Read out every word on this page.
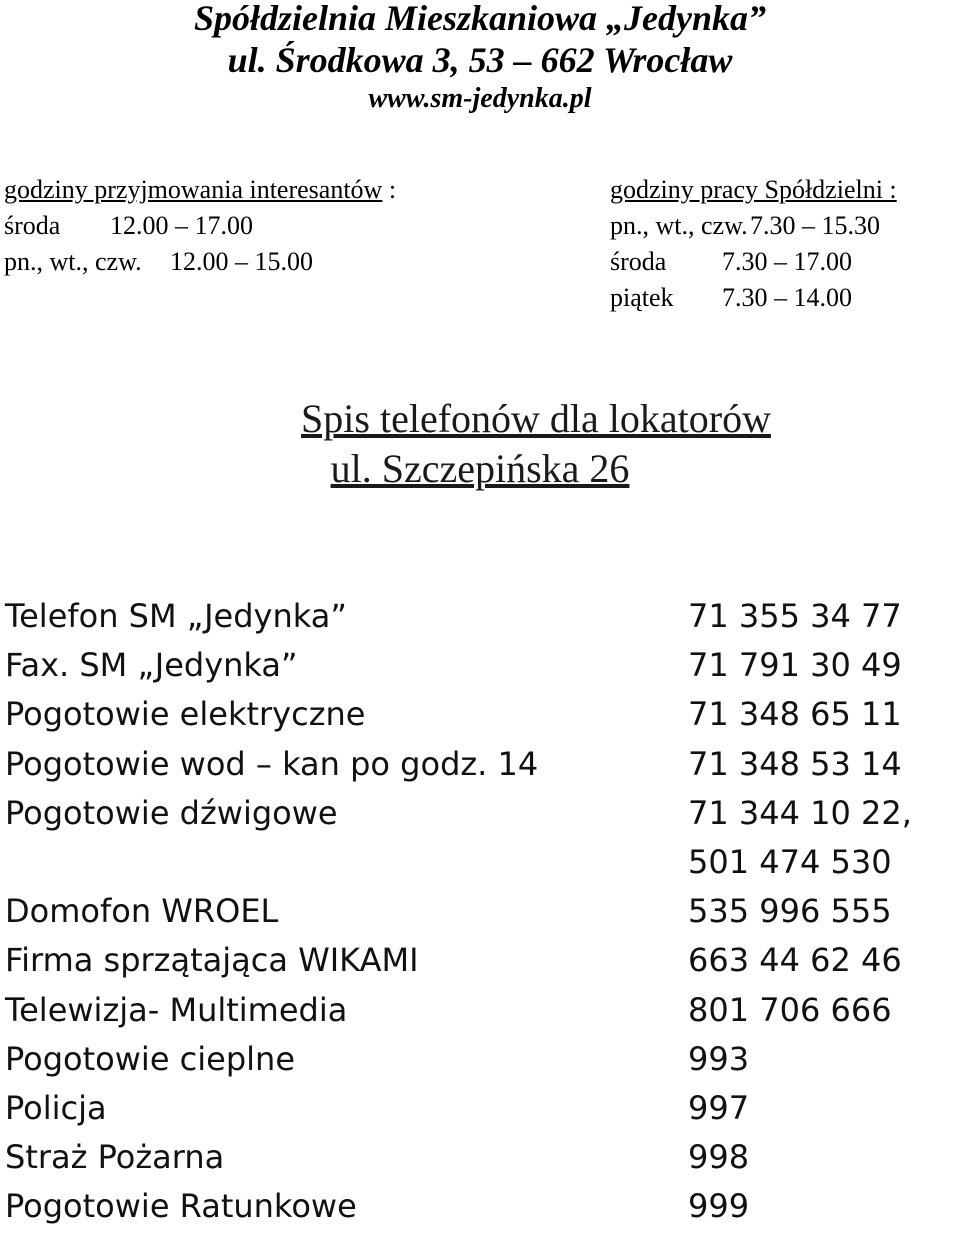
Spółdzielnia Mieszkaniowa „Jedynka”
ul. Środkowa 3, 53 – 662 Wrocław
www.sm-jedynka.pl
godziny przyjmowania interesantów :
środa 12.00 – 17.00
pn., wt., czw. 12.00 – 15.00
godziny pracy Spółdzielni :
pn., wt., czw.7.30 – 15.30
środa 7.30 – 17.00
piątek 7.30 – 14.00
Spis telefonów dla lokatorów
ul. Szczepińska 26
Telefon SM „Jedynka”	71 355 34 77
Fax. SM „Jedynka”	71 791 30 49
Pogotowie elektryczne	71 348 65 11
Pogotowie wod – kan po godz. 14	71 348 53 14
Pogotowie dźwigowe	71 344 10 22,
501 474 530
Domofon WROEL	535 996 555
Firma sprzątająca WIKAMI	663 44 62 46
Telewizja- Multimedia	801 706 666
Pogotowie cieplne	993
Policja	997
Straż Pożarna	998
Pogotowie Ratunkowe	999
